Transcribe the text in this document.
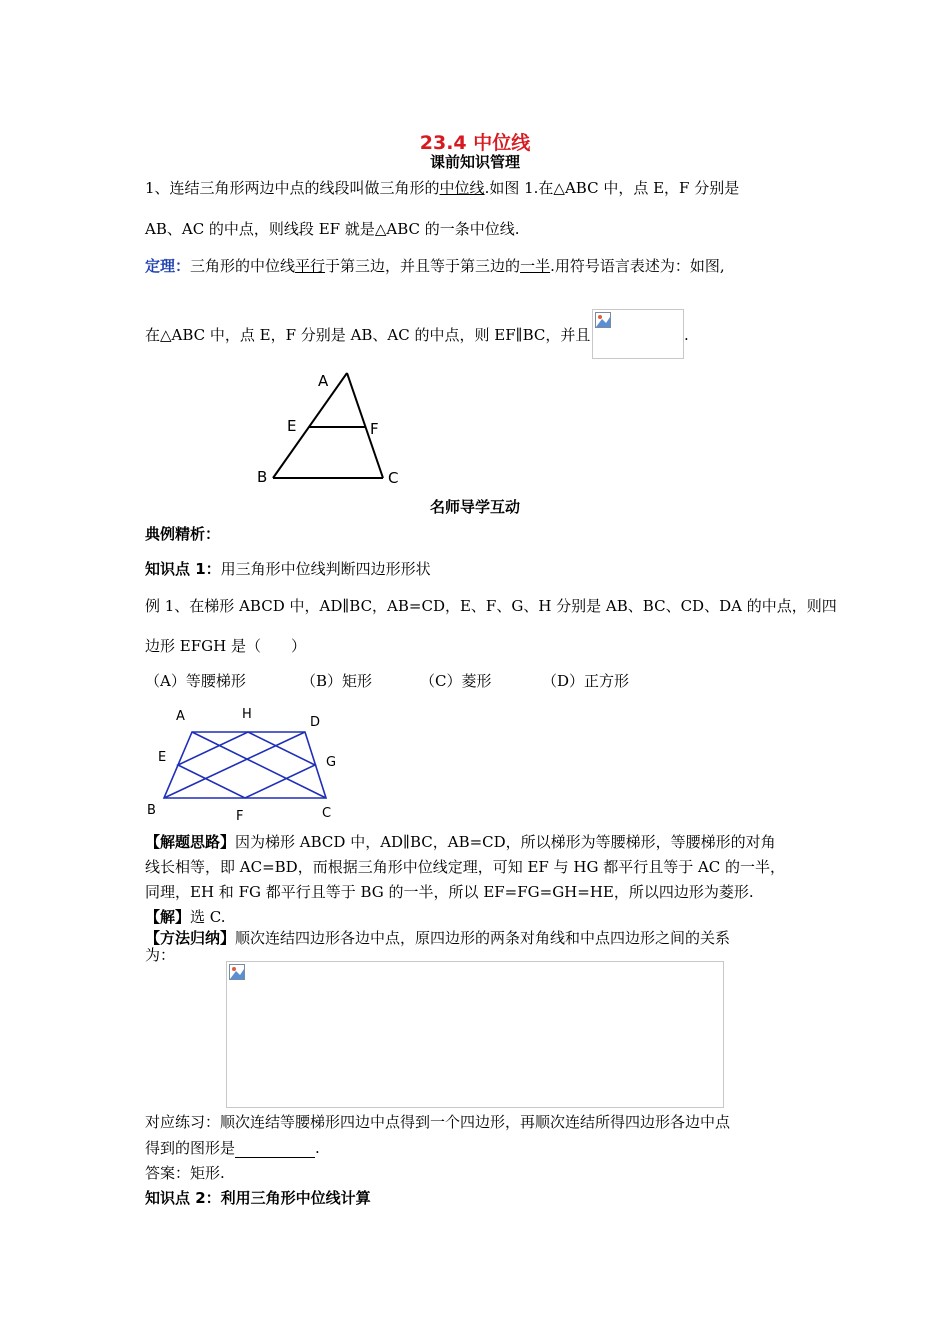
23.4 中位线
课前知识管理
1、连结三角形两边中点的线段叫做三角形的中位线.如图 1.在△ABC 中，点 E，F 分别是
AB、AC 的中点，则线段 EF 就是△ABC 的一条中位线.
定理：三角形的中位线平行于第三边，并且等于第三边的一半.用符号语言表述为：如图,
在△ABC 中，点 E，F 分别是 AB、AC 的中点，则 EF∥BC，并且	.
A
E	F
B	C
名师导学互动
典例精析：
知识点 1：用三角形中位线判断四边形形状
例 1、在梯形 ABCD 中，AD∥BC，AB=CD，E、F、G、H 分别是 AB、BC、CD、DA 的中点，则四
边形 EFGH 是（　　）
（A）等腰梯形	（B）矩形	（C）菱形	（D）正方形
A	H
D
E	G
B	F	C
【解题思路】因为梯形 ABCD 中，AD∥BC，AB=CD，所以梯形为等腰梯形，等腰梯形的对角
线长相等，即 AC=BD，而根据三角形中位线定理，可知 EF 与 HG 都平行且等于 AC 的一半，
同理，EH 和 FG 都平行且等于 BG 的一半，所以 EF=FG=GH=HE，所以四边形为菱形.
【解】选 C.
【方法归纳】顺次连结四边形各边中点，原四边形的两条对角线和中点四边形之间的关系
为：
对应练习：顺次连结等腰梯形四边中点得到一个四边形，再顺次连结所得四边形各边中点
得到的图形是	.
答案：矩形.
知识点 2：利用三角形中位线计算
